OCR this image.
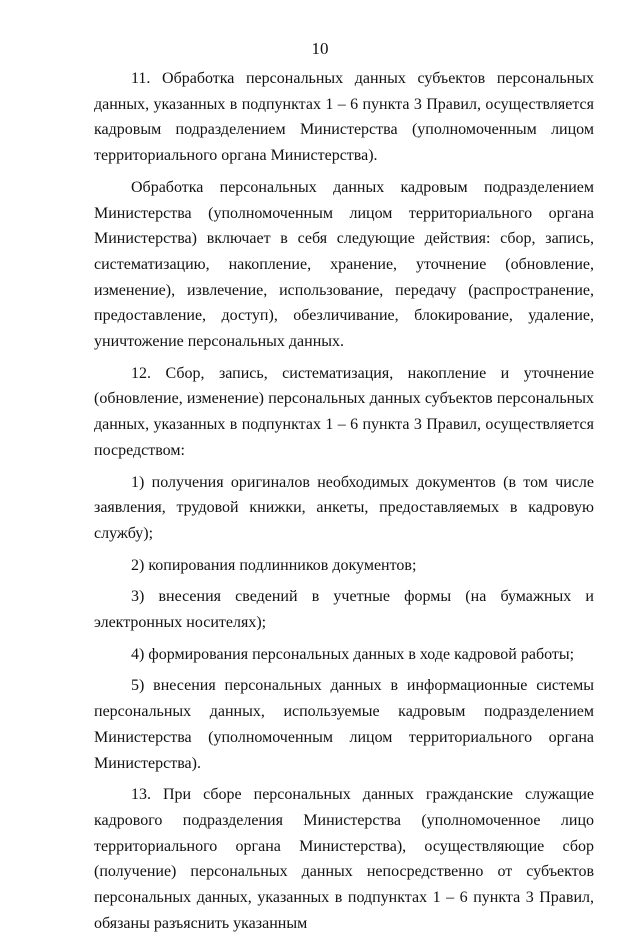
10

11. Обработка персональных данных субъектов персональных данных, указанных в подпунктах 1 – 6 пункта 3 Правил, осуществляется кадровым подразделением Министерства (уполномоченным лицом территориального органа Министерства).

Обработка персональных данных кадровым подразделением Министерства (уполномоченным лицом территориального органа Министерства) включает в себя следующие действия: сбор, запись, систематизацию, накопление, хранение, уточнение (обновление, изменение), извлечение, использование, передачу (распространение, предоставление, доступ), обезличивание, блокирование, удаление, уничтожение персональных данных.

12. Сбор, запись, систематизация, накопление и уточнение (обновление, изменение) персональных данных субъектов персональных данных, указанных в подпунктах 1 – 6 пункта 3 Правил, осуществляется посредством:

1) получения оригиналов необходимых документов (в том числе заявления, трудовой книжки, анкеты, предоставляемых в кадровую службу);

2) копирования подлинников документов;

3) внесения сведений в учетные формы (на бумажных и электронных носителях);

4) формирования персональных данных в ходе кадровой работы;

5) внесения персональных данных в информационные системы персональных данных, используемые кадровым подразделением Министерства (уполномоченным лицом территориального органа Министерства).

13. При сборе персональных данных гражданские служащие кадрового подразделения Министерства (уполномоченное лицо территориального органа Министерства), осуществляющие сбор (получение) персональных данных непосредственно от субъектов персональных данных, указанных в подпунктах 1 – 6 пункта 3 Правил, обязаны разъяснить указанным
